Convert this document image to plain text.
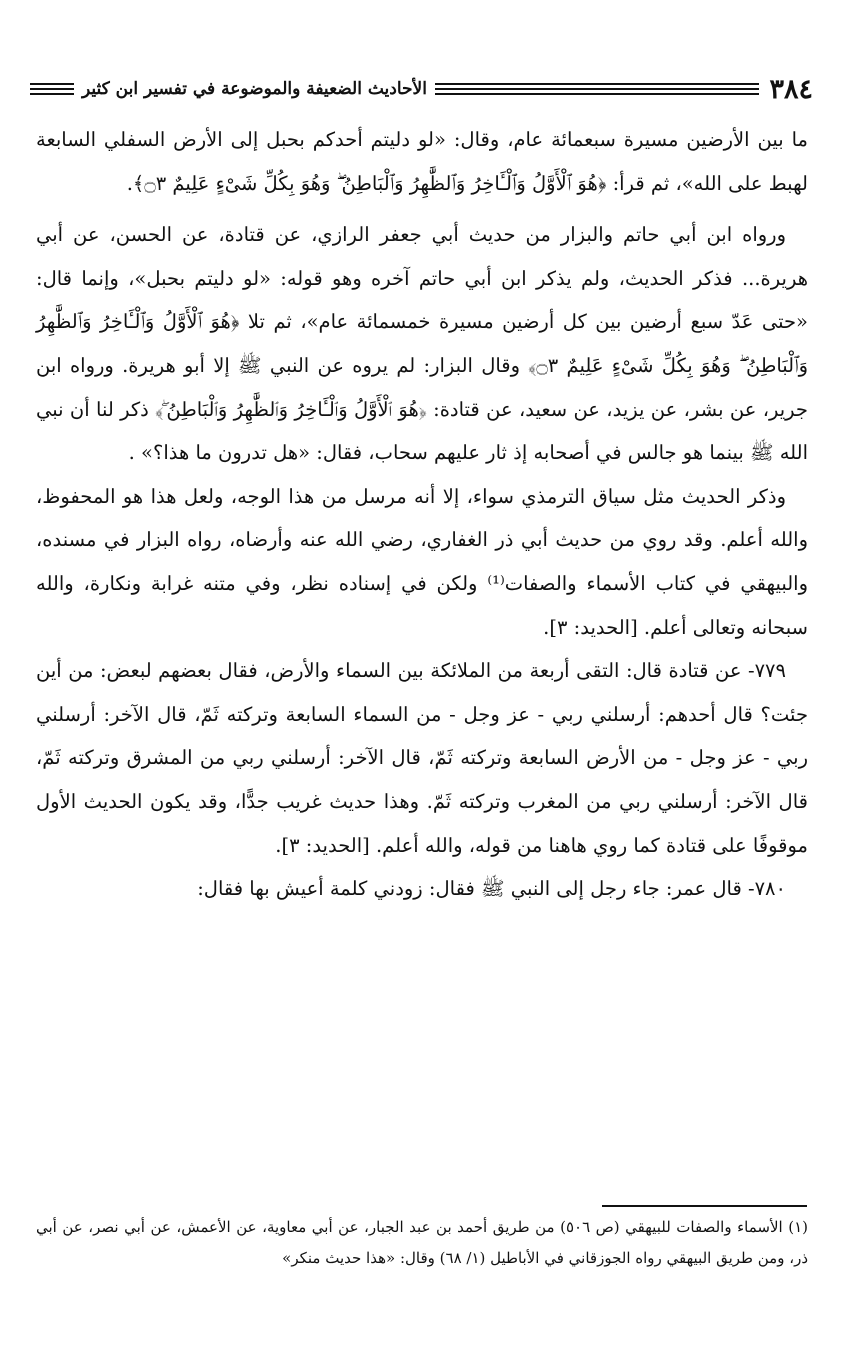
٣٨٤
الأحاديث الضعيفة والموضوعة في تفسير ابن كثير

ما بين الأرضين مسيرة سبعمائة عام، وقال: «لو دليتم أحدكم بحبل إلى الأرض السفلي السابعة لهبط على الله»، ثم قرأ: ﴿هُوَ ٱلْأَوَّلُ وَٱلْـَٔاخِرُ وَٱلظَّٰهِرُ وَٱلْبَاطِنُ ۖ وَهُوَ بِكُلِّ شَىْءٍ عَلِيمٌ ۝٣﴾.

ورواه ابن أبي حاتم والبزار من حديث أبي جعفر الرازي، عن قتادة، عن الحسن، عن أبي هريرة... فذكر الحديث، ولم يذكر ابن أبي حاتم آخره وهو قوله: «لو دليتم بحبل»، وإنما قال: «حتى عَدّ سبع أرضين بين كل أرضين مسيرة خمسمائة عام»، ثم تلا ﴿هُوَ ٱلْأَوَّلُ وَٱلْـَٔاخِرُ وَٱلظَّٰهِرُ وَٱلْبَاطِنُ ۖ وَهُوَ بِكُلِّ شَىْءٍ عَلِيمٌ ۝٣﴾ وقال البزار: لم يروه عن النبي ﷺ إلا أبو هريرة. ورواه ابن جرير، عن بشر، عن يزيد، عن سعيد، عن قتادة: ﴿هُوَ ٱلْأَوَّلُ وَٱلْـَٔاخِرُ وَٱلظَّٰهِرُ وَٱلْبَاطِنُ ۖ﴾ ذكر لنا أن نبي الله ﷺ بينما هو جالس في أصحابه إذ ثار عليهم سحاب، فقال: «هل تدرون ما هذا؟» .

وذكر الحديث مثل سياق الترمذي سواء، إلا أنه مرسل من هذا الوجه، ولعل هذا هو المحفوظ، والله أعلم. وقد روي من حديث أبي ذر الغفاري، رضي الله عنه وأرضاه، رواه البزار في مسنده، والبيهقي في كتاب الأسماء والصفات⁽¹⁾ ولكن في إسناده نظر، وفي متنه غرابة ونكارة، والله سبحانه وتعالى أعلم. [الحديد: ٣].

٧٧٩- عن قتادة قال: التقى أربعة من الملائكة بين السماء والأرض، فقال بعضهم لبعض: من أين جئت؟ قال أحدهم: أرسلني ربي - عز وجل - من السماء السابعة وتركته ثَمّ، قال الآخر: أرسلني ربي - عز وجل - من الأرض السابعة وتركته ثَمّ، قال الآخر: أرسلني ربي من المشرق وتركته ثَمّ، قال الآخر: أرسلني ربي من المغرب وتركته ثَمّ. وهذا حديث غريب جدًّا، وقد يكون الحديث الأول موقوفًا على قتادة كما روي هاهنا من قوله، والله أعلم. [الحديد: ٣].

٧٨٠- قال عمر: جاء رجل إلى النبي ﷺ فقال: زودني كلمة أعيش بها فقال:

(١) الأسماء والصفات للبيهقي (ص ٥٠٦) من طريق أحمد بن عبد الجبار، عن أبي معاوية، عن الأعمش، عن أبي نصر، عن أبي ذر، ومن طريق البيهقي رواه الجوزقاني في الأباطيل (١/ ٦٨) وقال: «هذا حديث منكر»
